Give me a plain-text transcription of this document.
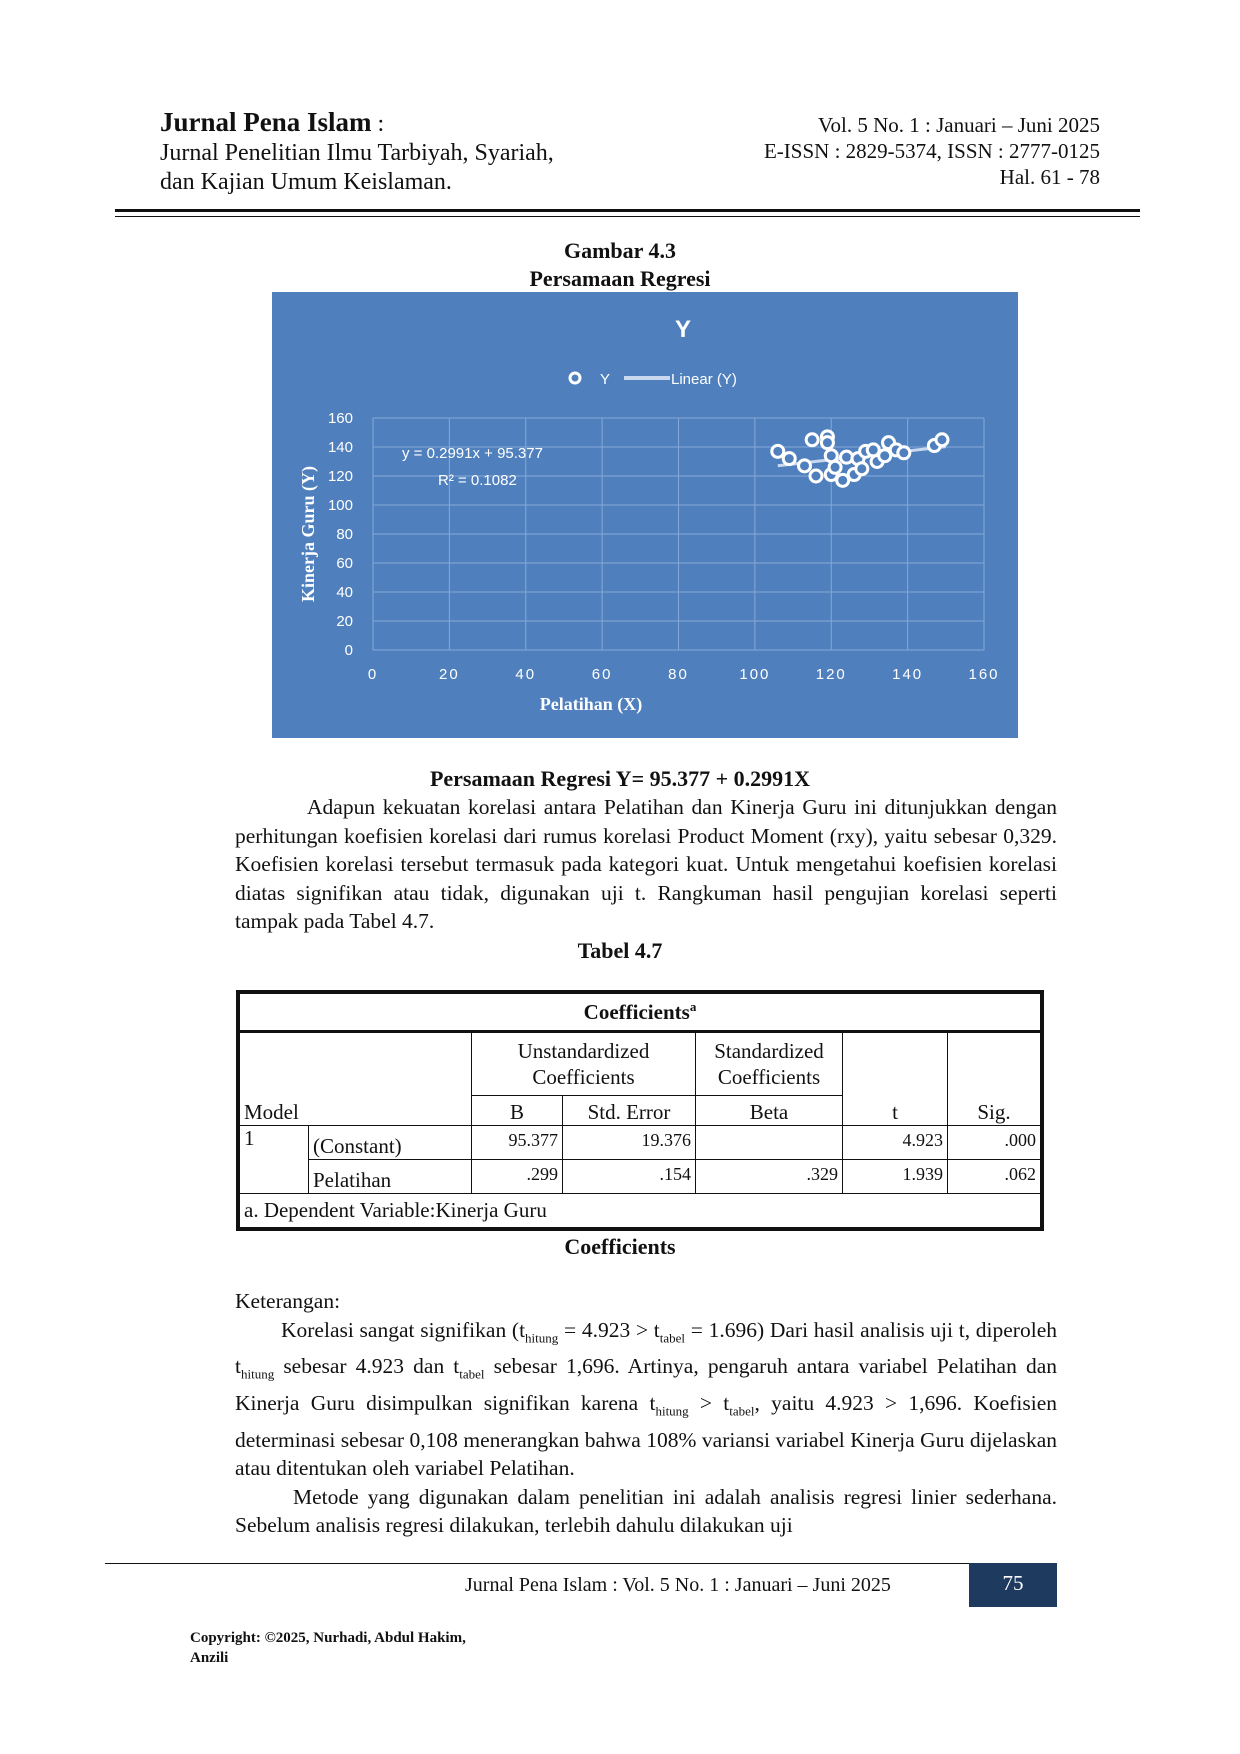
Jurnal Pena Islam :
Jurnal Penelitian Ilmu Tarbiyah, Syariah,
dan Kajian Umum Keislaman.
Vol. 5 No. 1 : Januari – Juni 2025
E-ISSN : 2829-5374, ISSN : 2777-0125
Hal. 61 - 78
Gambar 4.3
Persamaan Regresi
0
20
40
60
80
100
120
140
160
0	20	40	60	80	100	120	140	160
Y
Y	Linear (Y)
Pelatihan (X)
Kinerja Guru (Y)
y = 0.2991x + 95.377
R² = 0.1082
Persamaan Regresi Y= 95.377 + 0.2991X

Adapun kekuatan korelasi antara Pelatihan dan Kinerja Guru ini ditunjukkan dengan perhitungan koefisien korelasi dari rumus korelasi Product Moment (rxy), yaitu sebesar 0,329. Koefisien korelasi tersebut termasuk pada kategori kuat. Untuk mengetahui koefisien korelasi diatas signifikan atau tidak, digunakan uji t. Rangkuman hasil pengujian korelasi seperti tampak pada Tabel 4.7.

Tabel 4.7
Coefficients$^a$
Model		Unstandardized Coefficients		Standardized Coefficients	t	Sig.
		B	Std. Error	Beta		
1	(Constant)	95.377	19.376		4.923	.000
	Pelatihan	.299	.154	.329	1.939	.062
a. Dependent Variable:Kinerja Guru						
Coefficients

Keterangan:

Korelasi sangat signifikan $(t_{hitung} = 4.923 > t_{tabel} = 1.696)$ Dari hasil analisis uji t, diperoleh $t_{hitung}$ sebesar 4.923 dan $t_{tabel}$ sebesar 1,696. Artinya, pengaruh antara variabel Pelatihan dan Kinerja Guru disimpulkan signifikan karena $t_{hitung} > t_{tabel}$, yaitu 4.923 > 1,696. Koefisien determinasi sebesar 0,108 menerangkan bahwa 108% variansi variabel Kinerja Guru dijelaskan atau ditentukan oleh variabel Pelatihan.

Metode yang digunakan dalam penelitian ini adalah analisis regresi linier sederhana. Sebelum analisis regresi dilakukan, terlebih dahulu dilakukan uji

Jurnal Pena Islam : Vol. 5 No. 1 : Januari – Juni 2025	75
Copyright: ©2025, Nurhadi, Abdul Hakim,
Anzili
